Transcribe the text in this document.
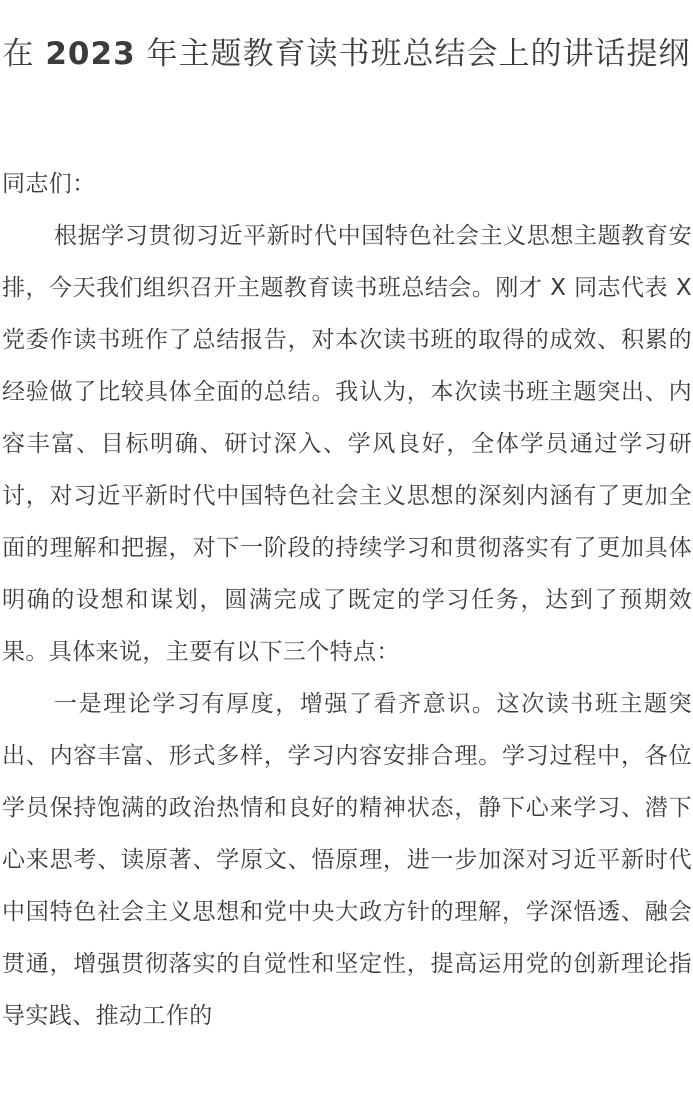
在 2023 年主题教育读书班总结会上的讲话提纲

同志们：

根据学习贯彻习近平新时代中国特色社会主义思想主题教育安排，今天我们组织召开主题教育读书班总结会。刚才 X 同志代表 X 党委作读书班作了总结报告，对本次读书班的取得的成效、积累的经验做了比较具体全面的总结。我认为，本次读书班主题突出、内容丰富、目标明确、研讨深入、学风良好，全体学员通过学习研讨，对习近平新时代中国特色社会主义思想的深刻内涵有了更加全面的理解和把握，对下一阶段的持续学习和贯彻落实有了更加具体明确的设想和谋划，圆满完成了既定的学习任务，达到了预期效果。具体来说，主要有以下三个特点：

一是理论学习有厚度，增强了看齐意识。这次读书班主题突出、内容丰富、形式多样，学习内容安排合理。学习过程中，各位学员保持饱满的政治热情和良好的精神状态，静下心来学习、潜下心来思考、读原著、学原文、悟原理，进一步加深对习近平新时代中国特色社会主义思想和党中央大政方针的理解，学深悟透、融会贯通，增强贯彻落实的自觉性和坚定性，提高运用党的创新理论指导实践、推动工作的
